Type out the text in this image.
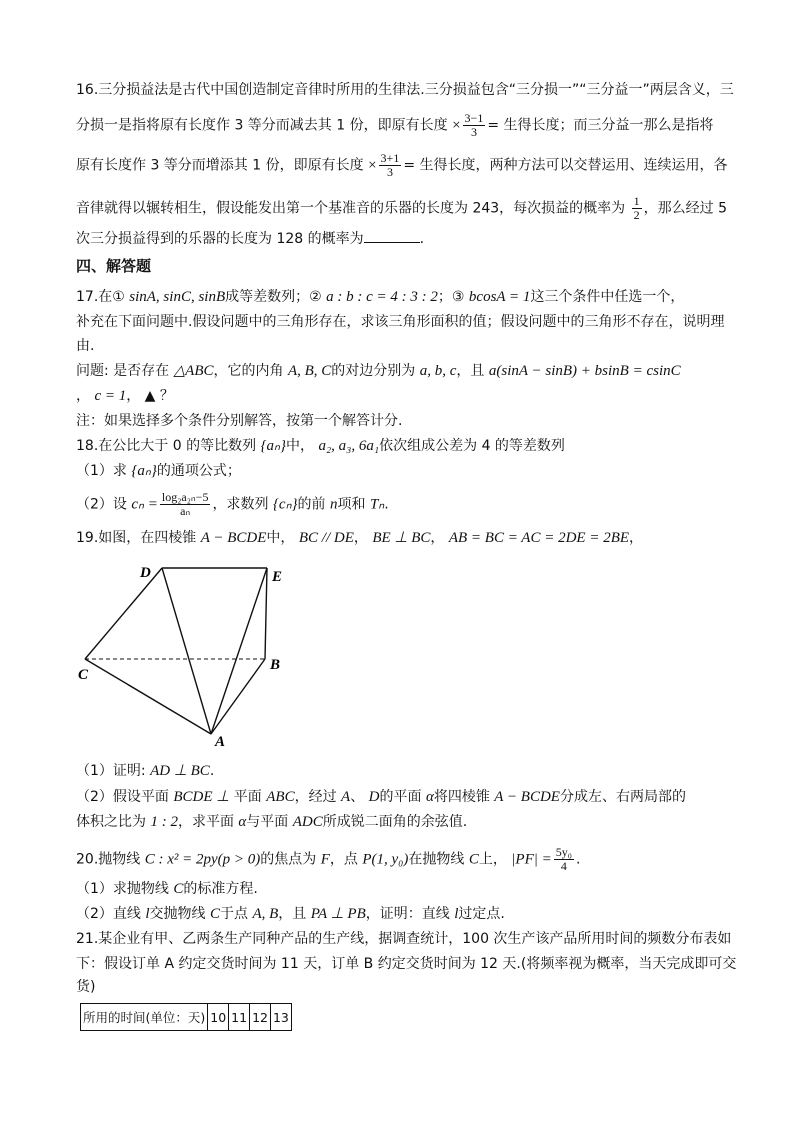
16.三分损益法是古代中国创造制定音律时所用的生律法.三分损益包含“三分损一”“三分益一”两层含义，三
分损一是指将原有长度作 3 等分而减去其 1 份，即原有长度 × $\frac{3-1}{3}$ = 生得长度；而三分益一那么是指将
原有长度作 3 等分而增添其 1 份，即原有长度 × $\frac{3+1}{3}$ = 生得长度，两种方法可以交替运用、连续运用，各
音律就得以辗转相生，假设能发出第一个基准音的乐器的长度为 243，每次损益的概率为 $\frac{1}{2}$ ，那么经过 5
次三分损益得到的乐器的长度为 128 的概率为	.
四、解答题
17.在① sinA, sinC, sinB成等差数列；② a : b : c = 4 : 3 : 2；③ bcosA = 1这三个条件中任选一个，
补充在下面问题中.假设问题中的三角形存在，求该三角形面积的值；假设问题中的三角形不存在，说明理
由.
问题: 是否存在 △ABC，它的内角 A, B, C的对边分别为 a, b, c，且 a(sinA − sinB) + bsinB = csinC
， c = 1， ▲ ？
注：如果选择多个条件分别解答，按第一个解答计分.
18.在公比大于 0 的等比数列 {aₙ}中， a₂, a₃, 6a₁依次组成公差为 4 的等差数列
（1）求 {aₙ}的通项公式；
（2）设 $c_n = \frac{\text{log₂a₂ₙ−5}}{\text{aₙ}}$ ，求数列 {cₙ}的前 n项和 Tₙ.
19.如图，在四棱锥 A − BCDE中， BC // DE， BE ⊥ BC， AB = BC = AC = 2DE = 2BE，
D	E
C
B
A
（1）证明: AD ⊥ BC.
（2）假设平面 BCDE ⊥ 平面 ABC，经过 A、 D的平面 α将四棱锥 A − BCDE分成左、右两局部的
体积之比为 1 : 2，求平面 α与平面 ADC所成锐二面角的余弦值.
20.抛物线 C : x² = 2py(p > 0)的焦点为 F，点 P(1, y₀)在抛物线 C上， $|PF| = \frac{\text{5y₀}}{4}$ .
（1）求抛物线 C的标准方程.
（2）直线 l交抛物线 C于点 A, B，且 PA ⊥ PB，证明：直线 l过定点.
21.某企业有甲、乙两条生产同种产品的生产线，据调查统计，100 次生产该产品所用时间的频数分布表如
下：假设订单 A 约定交货时间为 11 天，订单 B 约定交货时间为 12 天.(将频率视为概率，当天完成即可交
货)
所用的时间(单位：天)	10	11	12	13
